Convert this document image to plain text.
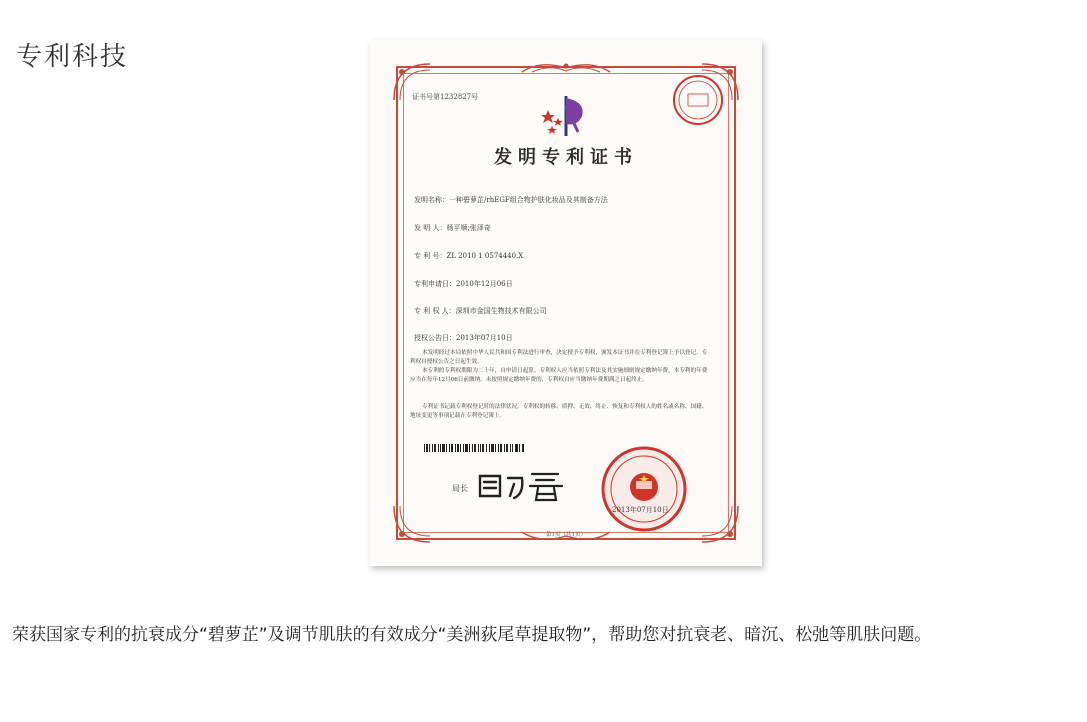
专利科技
证书号第1232827号
发明专利证书
发明名称：一种碧萝芷/rhEGF组合物护肤化妆品及其制备方法
发 明 人：杨平顺;张泽奇
专 利 号：ZL 2010 1 0574440.X
专利申请日：2010年12月06日
专 利 权 人：深圳市金国生物技术有限公司
授权公告日：2013年07月10日
本发明经过本局依照中华人民共和国专利法进行审查，决定授予专利权，颁发本证书并在专利登记簿上予以登记。专利权自授权公告之日起生效。
本专利的专利权期限为二十年，自申请日起算。专利权人应当依照专利法及其实施细则规定缴纳年费。本专利的年费应当在每年12月06日前缴纳。未按照规定缴纳年费的，专利权自应当缴纳年费期满之日起终止。
专利证书记载专利权登记时的法律状况。专利权的转移、质押、无效、终止、恢复和专利权人的姓名或名称、国籍、地址变更等事项记载在专利登记簿上。
局长
2013年07月10日
第1页（共1页）
荣获国家专利的抗衰成分“碧萝芷”及调节肌肤的有效成分“美洲荻尾草提取物”，帮助您对抗衰老、暗沉、松弛等肌肤问题。
